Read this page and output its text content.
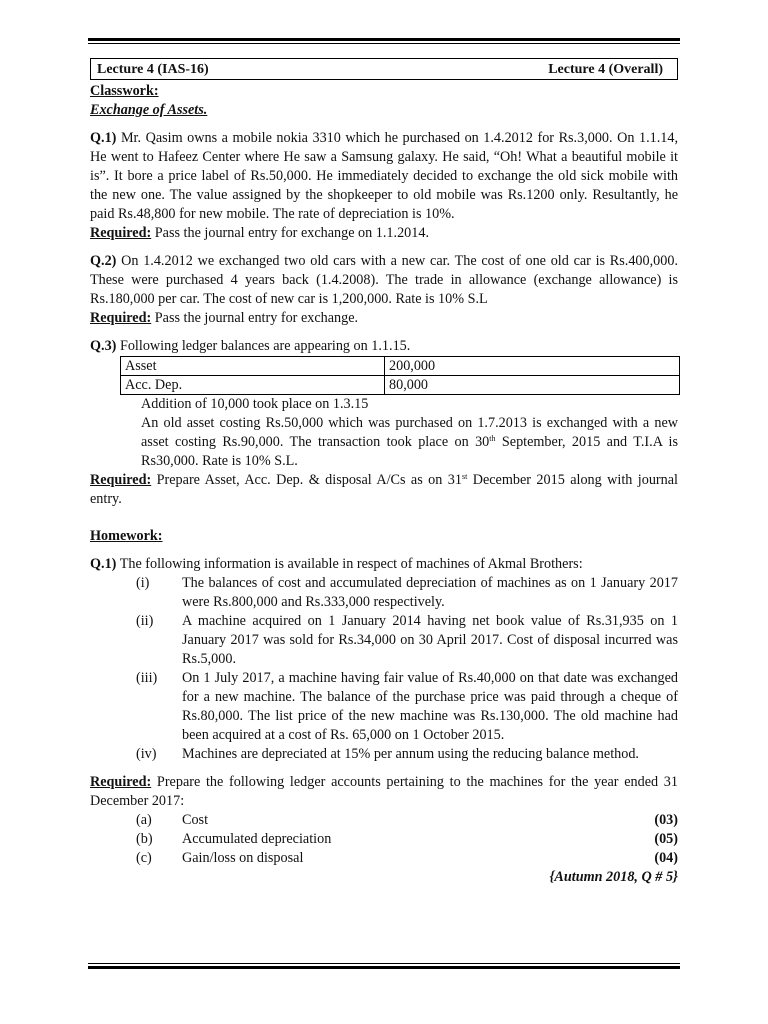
Lecture 4 (IAS-16)	Lecture 4 (Overall)
Classwork:
Exchange of Assets.

Q.1) Mr. Qasim owns a mobile nokia 3310 which he purchased on 1.4.2012 for Rs.3,000. On 1.1.14, He went to Hafeez Center where He saw a Samsung galaxy. He said, “Oh! What a beautiful mobile it is”. It bore a price label of Rs.50,000. He immediately decided to exchange the old sick mobile with the new one. The value assigned by the shopkeeper to old mobile was Rs.1200 only. Resultantly, he paid Rs.48,800 for new mobile. The rate of depreciation is 10%.

Required: Pass the journal entry for exchange on 1.1.2014.

Q.2) On 1.4.2012 we exchanged two old cars with a new car. The cost of one old car is Rs.400,000. These were purchased 4 years back (1.4.2008). The trade in allowance (exchange allowance) is Rs.180,000 per car. The cost of new car is 1,200,000. Rate is 10% S.L

Required: Pass the journal entry for exchange.

Q.3) Following ledger balances are appearing on 1.1.15.

Asset	200,000
Acc. Dep.	80,000

Addition of 10,000 took place on 1.3.15

An old asset costing Rs.50,000 which was purchased on 1.7.2013 is exchanged with a new asset costing Rs.90,000. The transaction took place on 30th September, 2015 and T.I.A is Rs30,000. Rate is 10% S.L.

Required: Prepare Asset, Acc. Dep. & disposal A/Cs as on 31st December 2015 along with journal entry.

Homework:

Q.1) The following information is available in respect of machines of Akmal Brothers:

(i)	The balances of cost and accumulated depreciation of machines as on 1 January 2017 were Rs.800,000 and Rs.333,000 respectively.
(ii)	A machine acquired on 1 January 2014 having net book value of Rs.31,935 on 1 January 2017 was sold for Rs.34,000 on 30 April 2017. Cost of disposal incurred was Rs.5,000.
(iii)	On 1 July 2017, a machine having fair value of Rs.40,000 on that date was exchanged for a new machine. The balance of the purchase price was paid through a cheque of Rs.80,000. The list price of the new machine was Rs.130,000. The old machine had been acquired at a cost of Rs. 65,000 on 1 October 2015.
(iv)	Machines are depreciated at 15% per annum using the reducing balance method.

Required: Prepare the following ledger accounts pertaining to the machines for the year ended 31 December 2017:

(a)	Cost	(03)
(b)	Accumulated depreciation	(05)
(c)	Gain/loss on disposal	(04)
{Autumn 2018, Q # 5}
